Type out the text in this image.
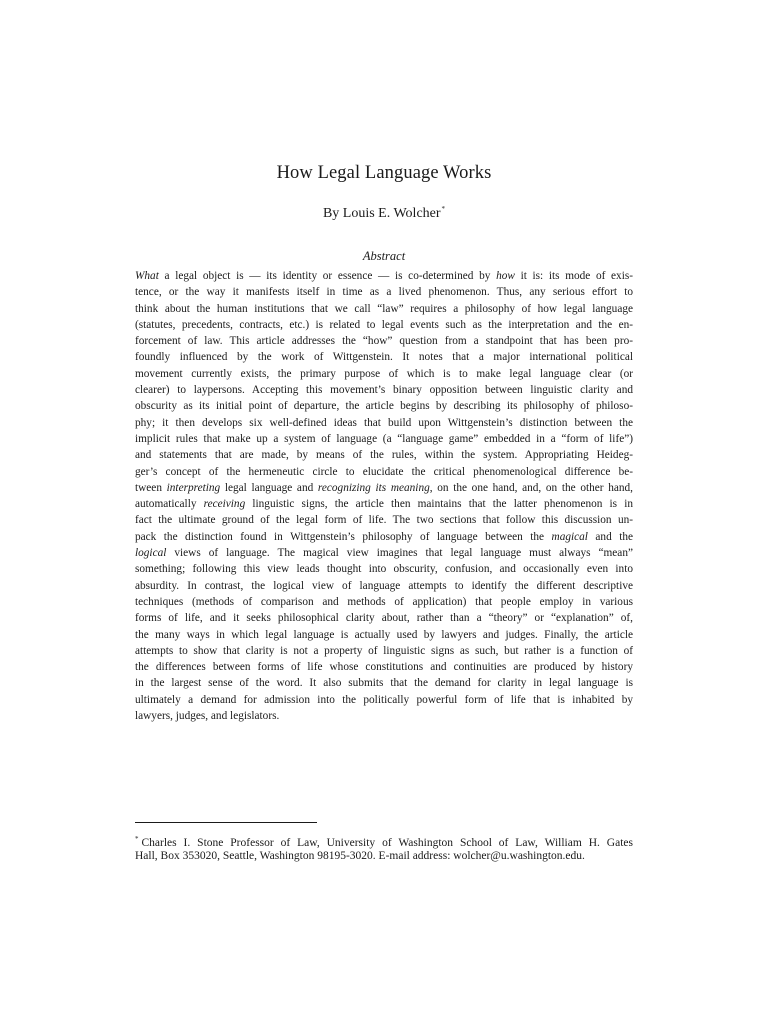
How Legal Language Works
By Louis E. Wolcher*
Abstract
What a legal object is — its identity or essence — is co-determined by how it is: its mode of exis-
tence, or the way it manifests itself in time as a lived phenomenon. Thus, any serious effort to
think about the human institutions that we call “law” requires a philosophy of how legal language
(statutes, precedents, contracts, etc.) is related to legal events such as the interpretation and the en-
forcement of law. This article addresses the “how” question from a standpoint that has been pro-
foundly influenced by the work of Wittgenstein. It notes that a major international political
movement currently exists, the primary purpose of which is to make legal language clear (or
clearer) to laypersons. Accepting this movement’s binary opposition between linguistic clarity and
obscurity as its initial point of departure, the article begins by describing its philosophy of philoso-
phy; it then develops six well-defined ideas that build upon Wittgenstein’s distinction between the
implicit rules that make up a system of language (a “language game” embedded in a “form of life”)
and statements that are made, by means of the rules, within the system. Appropriating Heideg-
ger’s concept of the hermeneutic circle to elucidate the critical phenomenological difference be-
tween interpreting legal language and recognizing its meaning, on the one hand, and, on the other hand,
automatically receiving linguistic signs, the article then maintains that the latter phenomenon is in
fact the ultimate ground of the legal form of life. The two sections that follow this discussion un-
pack the distinction found in Wittgenstein’s philosophy of language between the magical and the
logical views of language. The magical view imagines that legal language must always “mean”
something; following this view leads thought into obscurity, confusion, and occasionally even into
absurdity. In contrast, the logical view of language attempts to identify the different descriptive
techniques (methods of comparison and methods of application) that people employ in various
forms of life, and it seeks philosophical clarity about, rather than a “theory” or “explanation” of,
the many ways in which legal language is actually used by lawyers and judges. Finally, the article
attempts to show that clarity is not a property of linguistic signs as such, but rather is a function of
the differences between forms of life whose constitutions and continuities are produced by history
in the largest sense of the word. It also submits that the demand for clarity in legal language is
ultimately a demand for admission into the politically powerful form of life that is inhabited by
lawyers, judges, and legislators.
* Charles I. Stone Professor of Law, University of Washington School of Law, William H. Gates
Hall, Box 353020, Seattle, Washington 98195-3020. E-mail address: wolcher@u.washington.edu.
